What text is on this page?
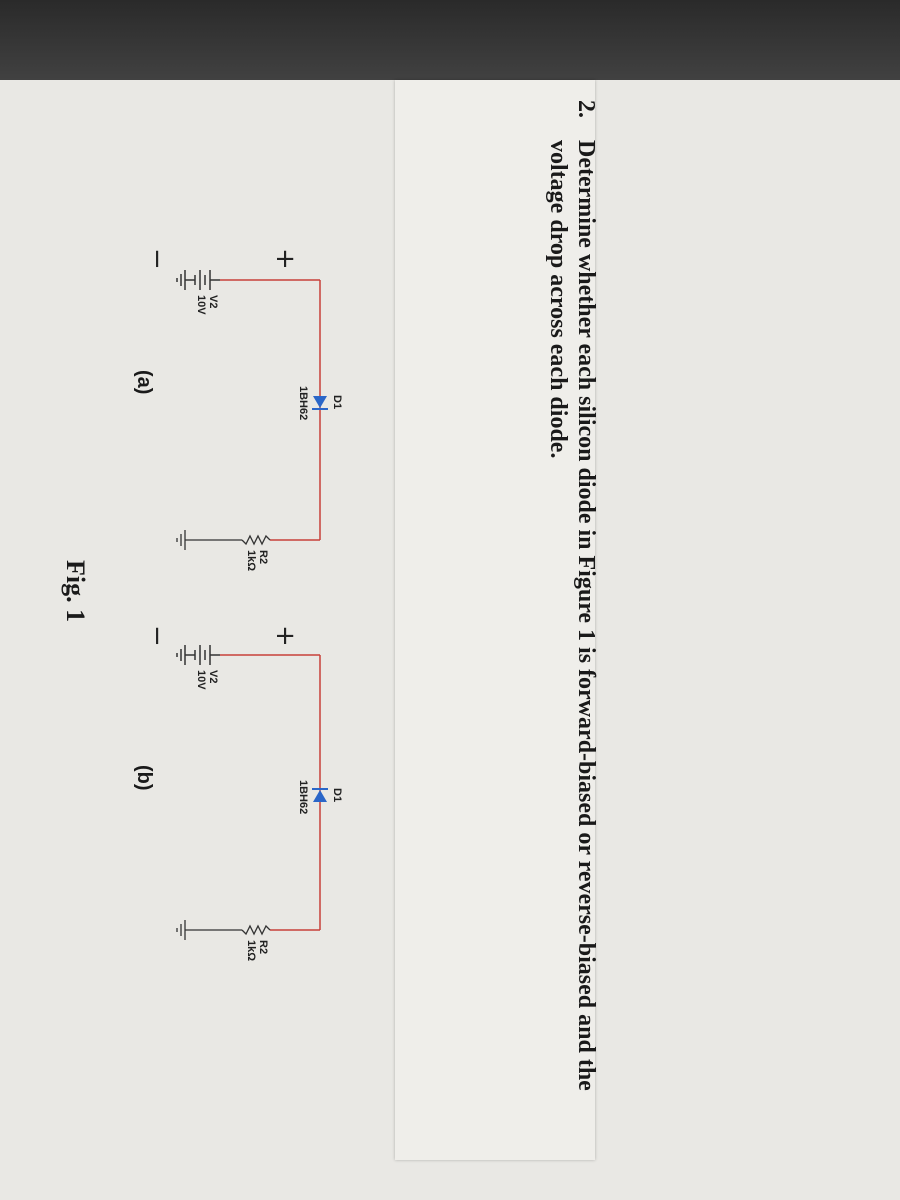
2.
Determine whether each silicon diode in Figure 1 is forward-biased or reverse-biased and the voltage drop across each diode.
D1
1BH62
V2
10V
R2
1kΩ
D1
1BH62
V2
10V
R2
1kΩ
+
−
+
−
(a)
(b)
Fig. 1
